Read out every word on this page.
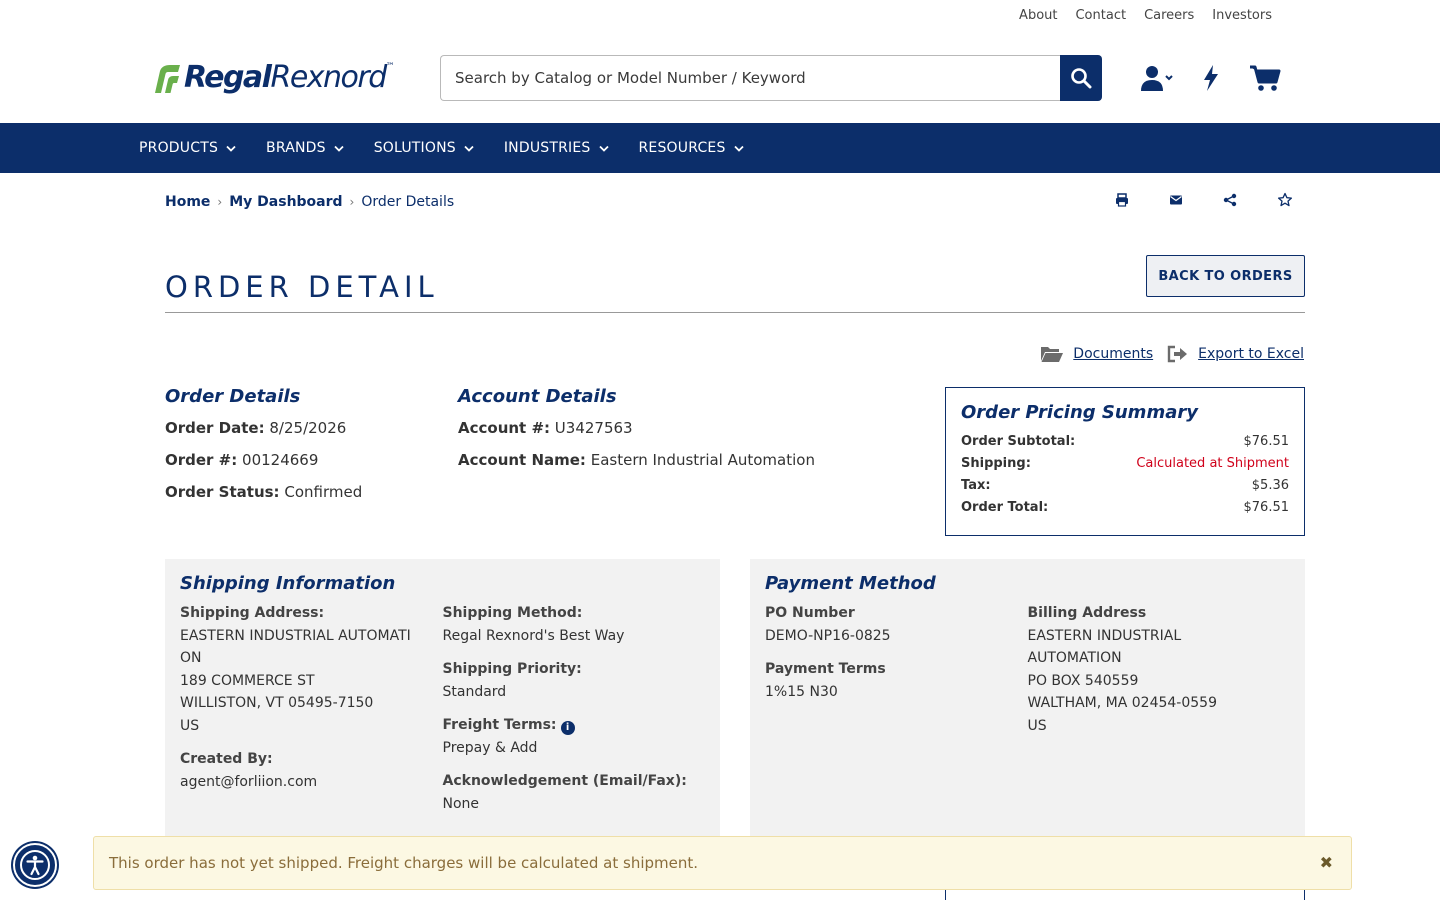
About Contact Careers Investors
RegalRexnord™
Search by Catalog or Model Number / Keyword
PRODUCTS	BRANDS	SOLUTIONS	INDUSTRIES	RESOURCES
Home › My Dashboard › Order Details
ORDER DETAIL	BACK TO ORDERS
Documents	Export to Excel
Order Details
Order Date: 8/25/2026
Order #: 00124669
Order Status: Confirmed
Account Details
Account #: U3427563
Account Name: Eastern Industrial Automation
Order Pricing Summary
Order Subtotal:	$76.51
Shipping:	Calculated at Shipment
Tax:	$5.36
Order Total:	$76.51
Shipping Information
Shipping Address:
EASTERN INDUSTRIAL AUTOMATI
ON
189 COMMERCE ST
WILLISTON, VT 05495-7150
US
Created By:
agent@forliion.com
Shipping Method:
Regal Rexnord's Best Way
Shipping Priority:
Standard
Freight Terms: i
Prepay & Add
Acknowledgement (Email/Fax):
None
Payment Method
PO Number
DEMO-NP16-0825
Payment Terms
1%15 N30
Billing Address
EASTERN INDUSTRIAL
AUTOMATION
PO BOX 540559
WALTHAM, MA 02454-0559
US
This order has not yet shipped. Freight charges will be calculated at shipment.	✖
